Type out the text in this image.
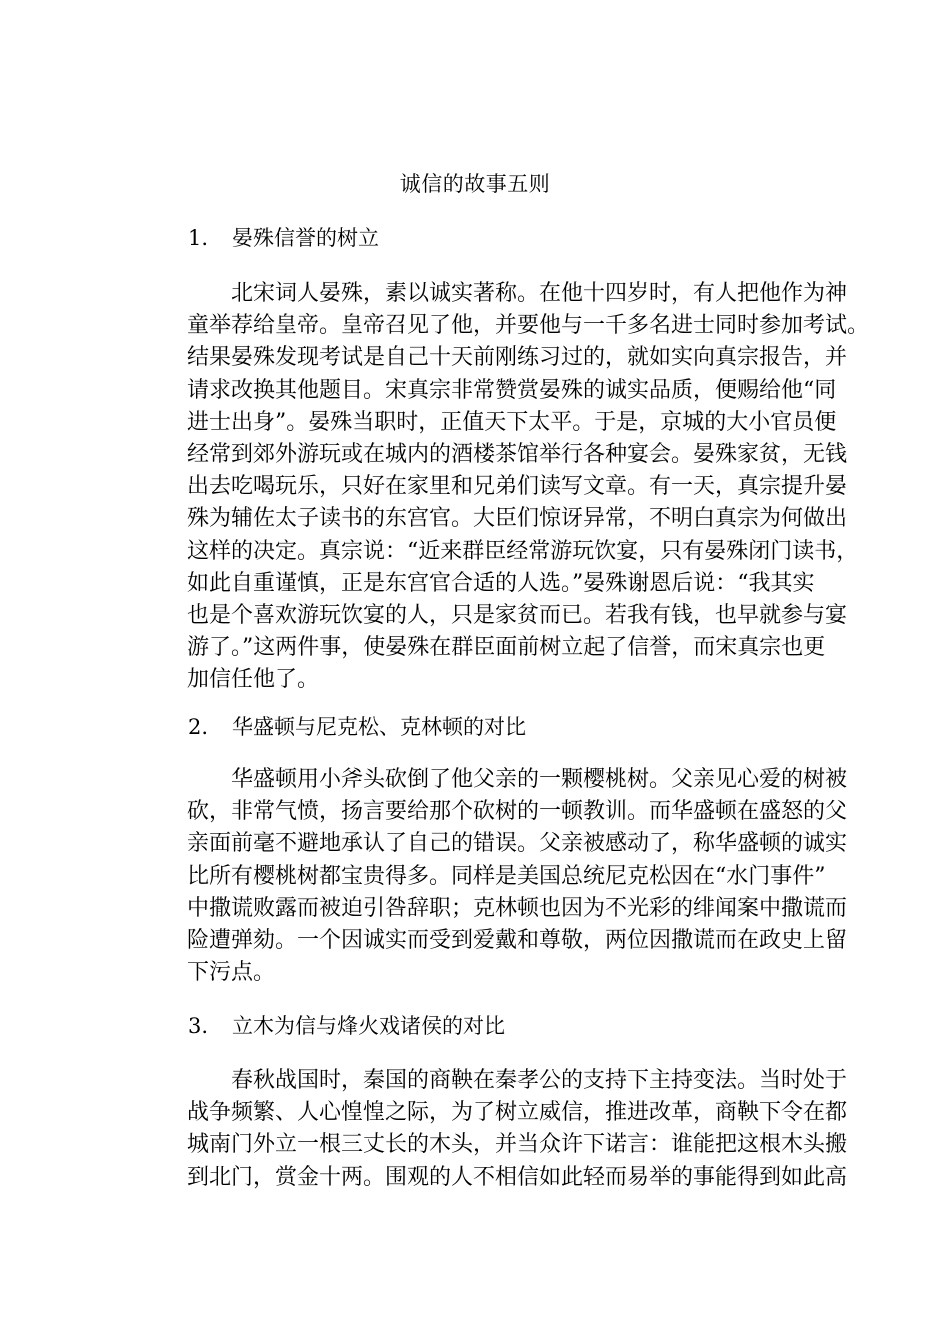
诚信的故事五则
1. 晏殊信誉的树立
北宋词人晏殊，素以诚实著称。在他十四岁时，有人把他作为神
童举荐给皇帝。皇帝召见了他，并要他与一千多名进士同时参加考试。
结果晏殊发现考试是自己十天前刚练习过的，就如实向真宗报告，并
请求改换其他题目。宋真宗非常赞赏晏殊的诚实品质，便赐给他“同
进士出身”。晏殊当职时，正值天下太平。于是，京城的大小官员便
经常到郊外游玩或在城内的酒楼茶馆举行各种宴会。晏殊家贫，无钱
出去吃喝玩乐，只好在家里和兄弟们读写文章。有一天，真宗提升晏
殊为辅佐太子读书的东宫官。大臣们惊讶异常，不明白真宗为何做出
这样的决定。真宗说：“近来群臣经常游玩饮宴，只有晏殊闭门读书，
如此自重谨慎，正是东宫官合适的人选。”晏殊谢恩后说：“我其实
也是个喜欢游玩饮宴的人，只是家贫而已。若我有钱，也早就参与宴
游了。”这两件事，使晏殊在群臣面前树立起了信誉，而宋真宗也更
加信任他了。
2. 华盛顿与尼克松、克林顿的对比
华盛顿用小斧头砍倒了他父亲的一颗樱桃树。父亲见心爱的树被
砍，非常气愤，扬言要给那个砍树的一顿教训。而华盛顿在盛怒的父
亲面前毫不避地承认了自己的错误。父亲被感动了，称华盛顿的诚实
比所有樱桃树都宝贵得多。同样是美国总统尼克松因在“水门事件”
中撒谎败露而被迫引咎辞职；克林顿也因为不光彩的绯闻案中撒谎而
险遭弹劾。一个因诚实而受到爱戴和尊敬，两位因撒谎而在政史上留
下污点。
3. 立木为信与烽火戏诸侯的对比
春秋战国时，秦国的商鞅在秦孝公的支持下主持变法。当时处于
战争频繁、人心惶惶之际，为了树立威信，推进改革，商鞅下令在都
城南门外立一根三丈长的木头，并当众许下诺言：谁能把这根木头搬
到北门，赏金十两。围观的人不相信如此轻而易举的事能得到如此高
